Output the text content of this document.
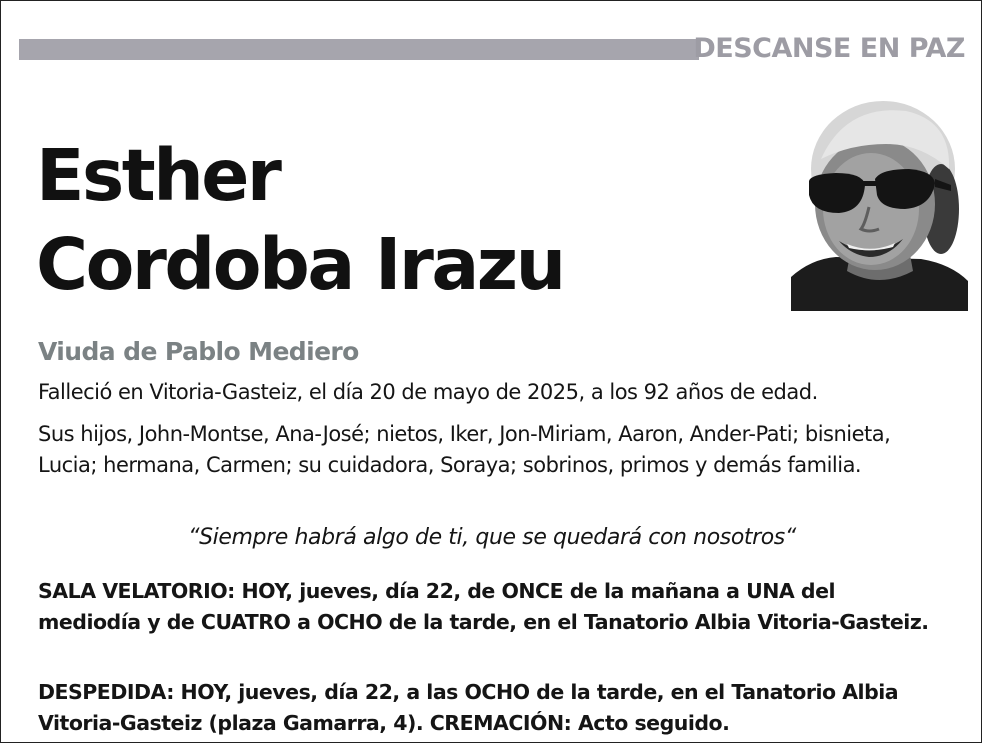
DESCANSE EN PAZ
Esther
Cordoba Irazu
Viuda de Pablo Mediero

Falleció en Vitoria-Gasteiz, el día 20 de mayo de 2025, a los 92 años de edad.

Sus hijos, John-Montse, Ana-José; nietos, Iker, Jon-Miriam, Aaron, Ander-Pati; bisnieta, Lucia; hermana, Carmen; su cuidadora, Soraya; sobrinos, primos y demás familia.

“Siempre habrá algo de ti, que se quedará con nosotros“

SALA VELATORIO: HOY, jueves, día 22, de ONCE de la mañana a UNA del mediodía y de CUATRO a OCHO de la tarde, en el Tanatorio Albia Vitoria-Gasteiz.

DESPEDIDA: HOY, jueves, día 22, a las OCHO de la tarde, en el Tanatorio Albia Vitoria-Gasteiz (plaza Gamarra, 4). CREMACIÓN: Acto seguido.
